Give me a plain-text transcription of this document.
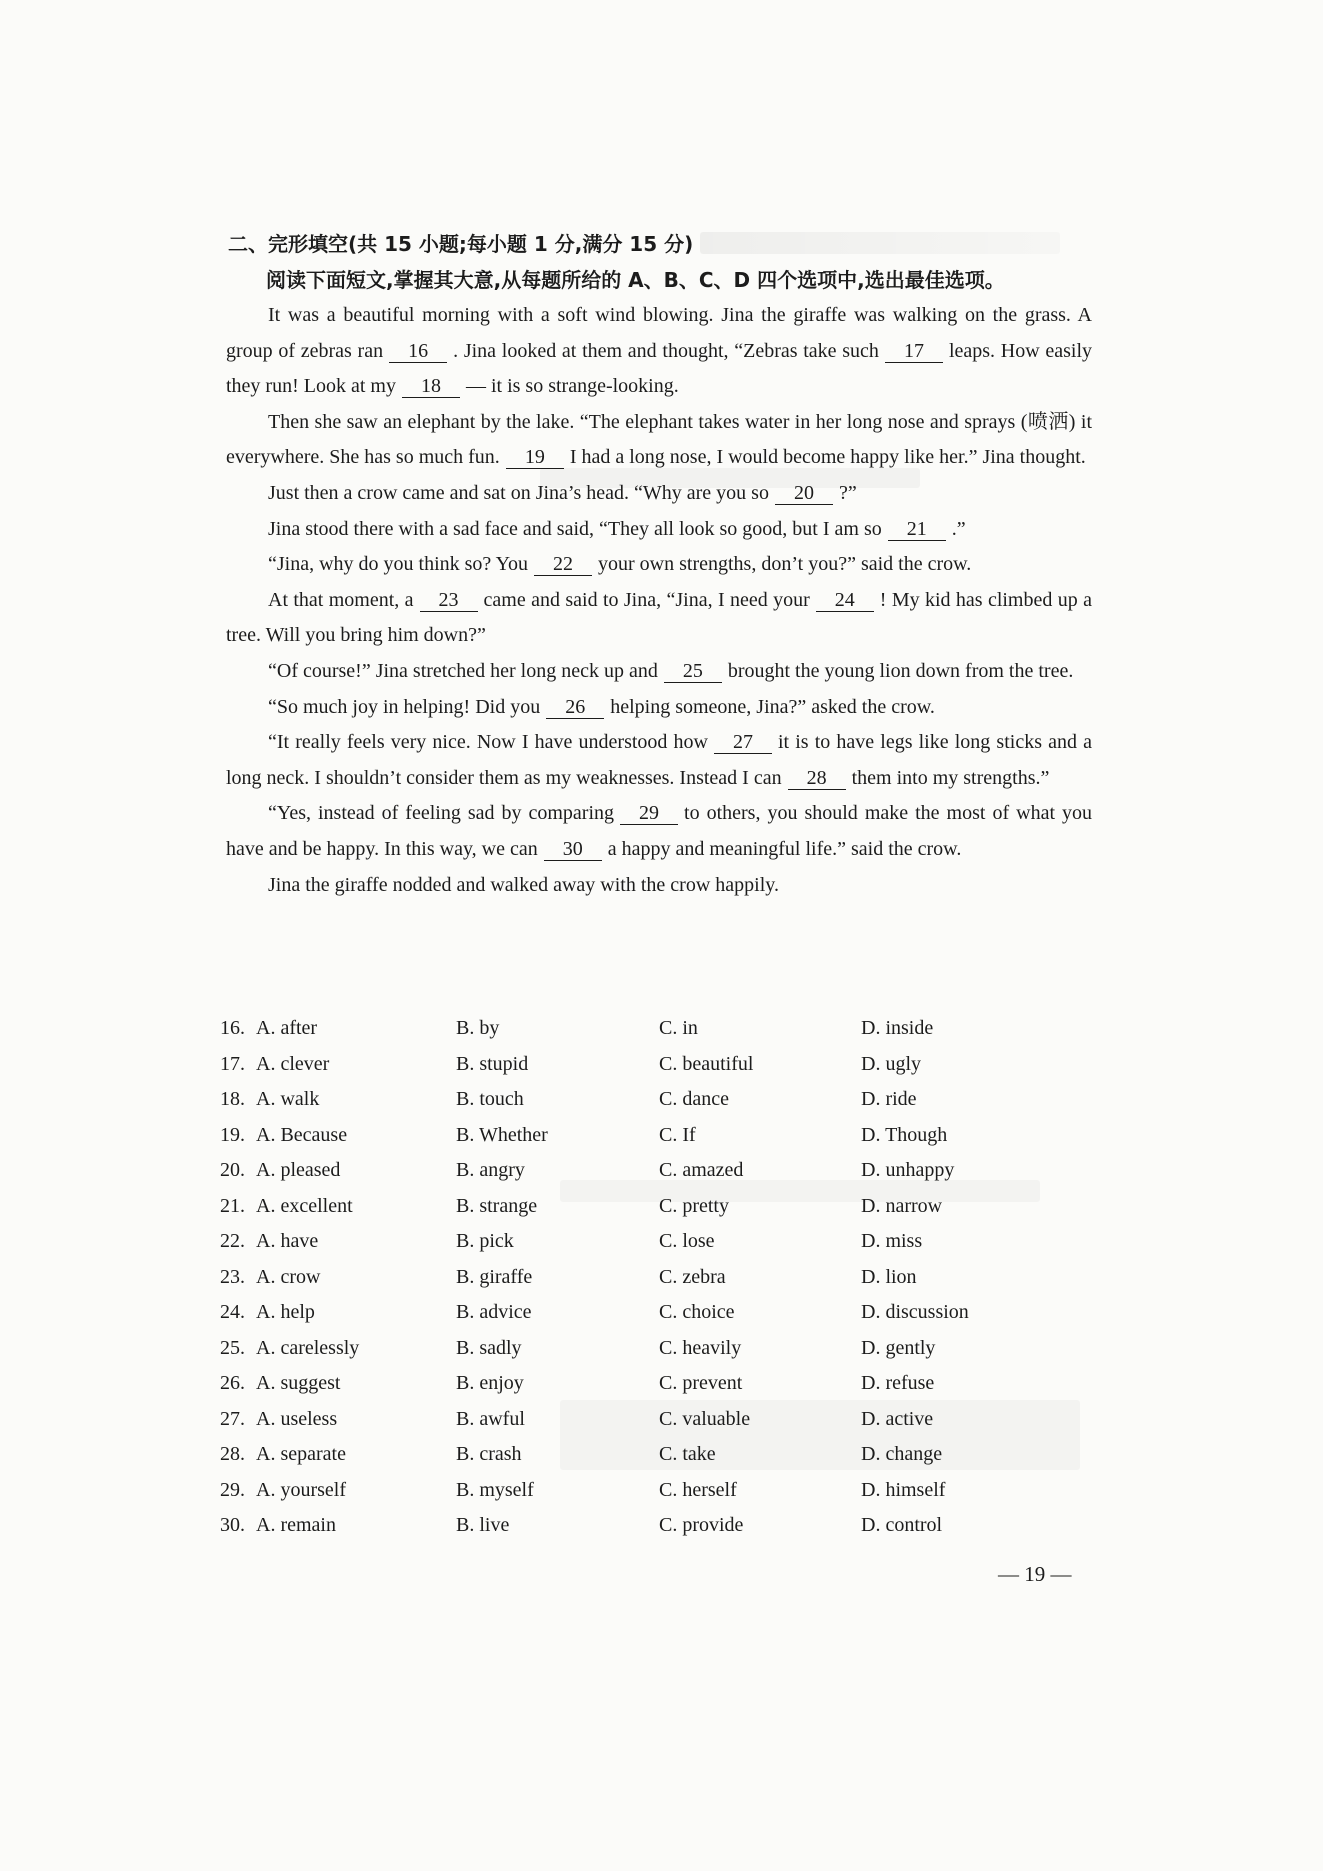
二、完形填空(共 15 小题;每小题 1 分,满分 15 分)
阅读下面短文,掌握其大意,从每题所给的 A、B、C、D 四个选项中,选出最佳选项。

It was a beautiful morning with a soft wind blowing. Jina the giraffe was walking on the grass. A group of zebras ran 16 . Jina looked at them and thought, “Zebras take such 17 leaps. How easily they run! Look at my 18 — it is so strange-looking.

Then she saw an elephant by the lake. “The elephant takes water in her long nose and sprays (喷洒) it everywhere. She has so much fun. 19 I had a long nose, I would become happy like her.” Jina thought.

Just then a crow came and sat on Jina’s head. “Why are you so 20 ?”

Jina stood there with a sad face and said, “They all look so good, but I am so 21 .”

“Jina, why do you think so? You 22 your own strengths, don’t you?” said the crow.

At that moment, a 23 came and said to Jina, “Jina, I need your 24 ! My kid has climbed up a tree. Will you bring him down?”

“Of course!” Jina stretched her long neck up and 25 brought the young lion down from the tree.

“So much joy in helping! Did you 26 helping someone, Jina?” asked the crow.

“It really feels very nice. Now I have understood how 27 it is to have legs like long sticks and a long neck. I shouldn’t consider them as my weaknesses. Instead I can 28 them into my strengths.”

“Yes, instead of feeling sad by comparing 29 to others, you should make the most of what you have and be happy. In this way, we can 30 a happy and meaningful life.” said the crow.

Jina the giraffe nodded and walked away with the crow happily.

16. A. after	B. by	C. in	D. inside
17. A. clever	B. stupid	C. beautiful	D. ugly
18. A. walk	B. touch	C. dance	D. ride
19. A. Because	B. Whether	C. If	D. Though
20. A. pleased	B. angry	C. amazed	D. unhappy
21. A. excellent	B. strange	C. pretty	D. narrow
22. A. have	B. pick	C. lose	D. miss
23. A. crow	B. giraffe	C. zebra	D. lion
24. A. help	B. advice	C. choice	D. discussion
25. A. carelessly	B. sadly	C. heavily	D. gently
26. A. suggest	B. enjoy	C. prevent	D. refuse
27. A. useless	B. awful	C. valuable	D. active
28. A. separate	B. crash	C. take	D. change
29. A. yourself	B. myself	C. herself	D. himself
30. A. remain	B. live	C. provide	D. control
— 19 —
